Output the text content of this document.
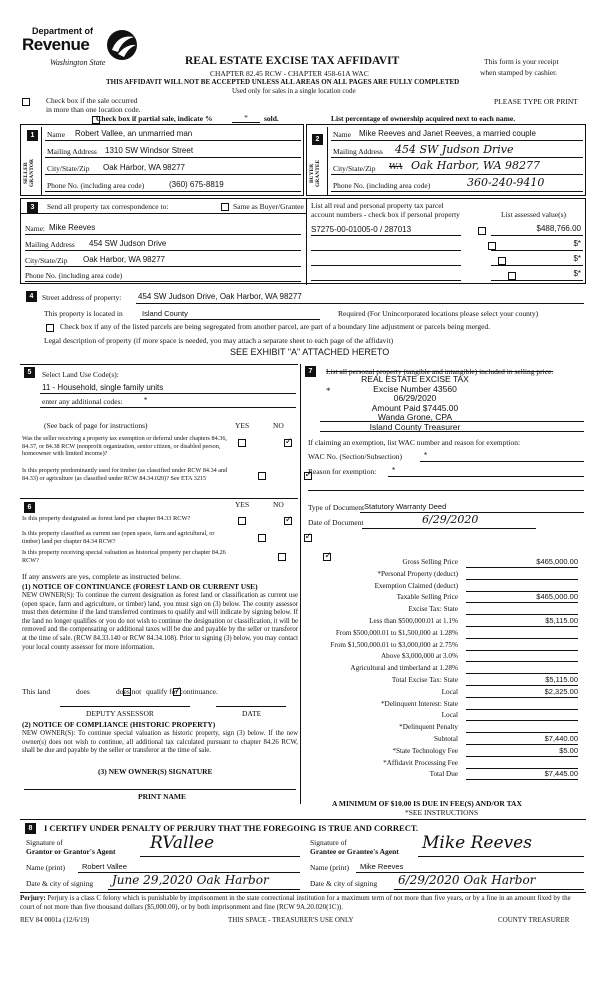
Department of
Revenue
Washington State	REAL ESTATE EXCISE TAX AFFIDAVIT
CHAPTER 82.45 RCW - CHAPTER 458-61A WAC
THIS AFFIDAVIT WILL NOT BE ACCEPTED UNLESS ALL AREAS ON ALL PAGES ARE FULLY COMPLETED
Used only for sales in a single location code
This form is your receipt
when stamped by cashier.

Check box if the sale occurred
in more than one location code.
PLEASE TYPE OR PRINT
Check box if partial sale, indicate %	*	sold.	List percentage of ownership acquired next to each name.
1
SELLER GRANTOR
Name Robert Vallee, an unmarried man
Mailing Address 1310 SW Windsor Street
City/State/Zip Oak Harbor, WA 98277
Phone No. (including area code)	(360) 675-8819
2
BUYER GRANTEE
Name Mike Reeves and Janet Reeves, a married couple
Mailing Address 454 SW Judson Drive
City/State/Zip WA Oak Harbor, WA 98277
Phone No. (including area code)	360-240-9410
3	Send all property tax correspondence to:
	Same as Buyer/Grantee
Name: Mike Reeves
Mailing Address 454 SW Judson Drive
City/State/Zip Oak Harbor, WA 98277
Phone No. (including area code)
List all real and personal property tax parcel
account numbers - check box if personal property	List assessed value(s)
S7275-00-01005-0 / 287013
	$488,766.00

$*

$*
$*
4	Street address of property: 454 SW Judson Drive, Oak Harbor, WA 98277
This property is located in	Island County	Required (For Unincorporated locations please select your county)
Check box if any of the listed parcels are being segregated from another parcel, are part of a boundary line adjustment or parcels being merged.
Legal description of property (if more space is needed, you may attach a separate sheet to each page of the affidavit)
SEE EXHIBIT "A" ATTACHED HERETO
5	Select Land Use Code(s):
11 - Household, single family units
enter any additional codes:	*
(See back of page for instructions)	YES	NO
Was the seller receiving a property tax exemption or deferral under chapters 84.36, 84.37, or 84.38 RCW (nonprofit organization, senior citizen, or disabled person, homeowner with limited income)?
✓
Is this property predominantly used for timber (as classified under RCW 84.34 and 84.33) or agriculture (as classified under RCW 84.34.020)? See ETA 3215
✓
6	YES	NO
Is this property designated as forest land per chapter 84.33 RCW?
✓
Is this property classified as current use (open space, farm and agricultural, or timber) land per chapter 84.34 RCW?
✓
Is this property receiving special valuation as historical property per chapter 84.26 RCW?
✓
If any answers are yes, complete as instructed below.
(1) NOTICE OF CONTINUANCE (FOREST LAND OR CURRENT USE)
NEW OWNER(S): To continue the current designation as forest land or classification as current use (open space, farm and agriculture, or timber) land, you must sign on (3) below. The county assessor must then determine if the land transferred continues to qualify and will indicate by signing below. If the land no longer qualifies or you do not wish to continue the designation or classification, it will be removed and the compensating or additional taxes will be due and payable by the seller or transferor at the time of sale. (RCW 84.33.140 or RCW 84.34.108). Prior to signing (3) below, you may contact your local county assessor for more information.
This land
	does
✓	does not qualify for continuance.
DEPUTY ASSESSOR	DATE
(2) NOTICE OF COMPLIANCE (HISTORIC PROPERTY)
NEW OWNER(S): To continue special valuation as historic property, sign (3) below. If the new owner(s) does not wish to continue, all additional tax calculated pursuant to chapter 84.26 RCW, shall be due and payable by the seller or transferor at the time of sale.
(3) NEW OWNER(S) SIGNATURE
PRINT NAME
7	List all personal property (tangible and intangible) included in selling price.
REAL ESTATE EXCISE TAX
Excise Number 43560
06/29/2020
Amount Paid $7445.00
Wanda Grone, CPA
Island County Treasurer
*
If claiming an exemption, list WAC number and reason for exemption:
WAC No. (Section/Subsection)	*
Reason for exemption: *
Type of Document Statutory Warranty Deed
Date of Document	6/29/2020
Gross Selling Price	$465,000.00
*Personal Property (deduct)
Exemption Claimed (deduct)
Taxable Selling Price	$465,000.00
Excise Tax: State
Less than $500,000.01 at 1.1%	$5,115.00
From $500,000.01 to $1,500,000 at 1.28%
From $1,500,000.01 to $3,000,000 at 2.75%
Above $3,000,000 at 3.0%
Agricultural and timberland at 1.28%
Total Excise Tax: State	$5,115.00
Local	$2,325.00
*Delinquent Interest: State
Local
*Delinquent Penalty
Subtotal	$7,440.00
*State Technology Fee	$5.00
*Affidavit Processing Fee
Total Due	$7,445.00
A MINIMUM OF $10.00 IS DUE IN FEE(S) AND/OR TAX
*SEE INSTRUCTIONS
8	I CERTIFY UNDER PENALTY OF PERJURY THAT THE FOREGOING IS TRUE AND CORRECT.
Signature of
Grantor or Grantor's Agent RVallee	Signature of
Grantee or Grantee's Agent Mike Reeves
Name (print) Robert Vallee	Name (print) Mike Reeves
Date & city of signing June 29,2020 Oak Harbor	Date & city of signing 6/29/2020 Oak Harbor
Perjury: Perjury is a class C felony which is punishable by imprisonment in the state correctional institution for a maximum term of not more than five years, or by a fine in an amount fixed by the court of not more than five thousand dollars ($5,000.00), or by both imprisonment and fine (RCW 9A.20.020(1C)).
REV 84 0001a (12/6/19)	THIS SPACE - TREASURER'S USE ONLY	COUNTY TREASURER
